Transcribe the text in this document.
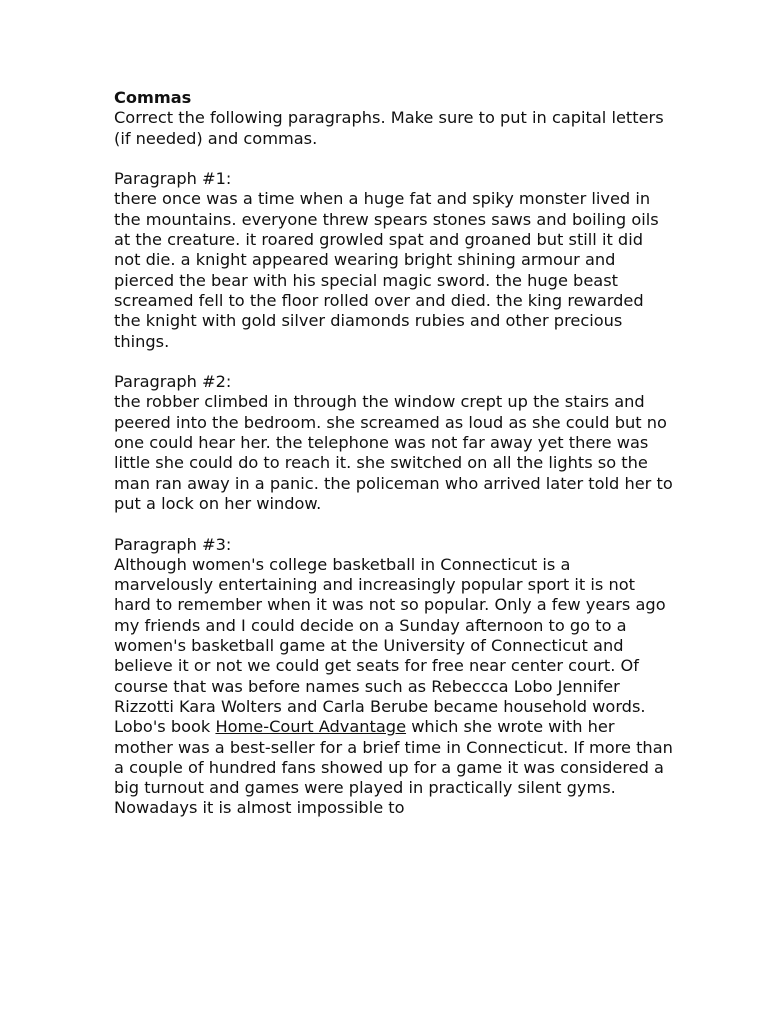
Commas

Correct the following paragraphs. Make sure to put in capital letters (if needed) and commas.

Paragraph #1:

there once was a time when a huge fat and spiky monster lived in the mountains. everyone threw spears stones saws and boiling oils at the creature. it roared growled spat and groaned but still it did not die. a knight appeared wearing bright shining armour and pierced the bear with his special magic sword. the huge beast screamed fell to the floor rolled over and died. the king rewarded the knight with gold silver diamonds rubies and other precious things.

Paragraph #2:

the robber climbed in through the window crept up the stairs and peered into the bedroom. she screamed as loud as she could but no one could hear her. the telephone was not far away yet there was little she could do to reach it. she switched on all the lights so the man ran away in a panic. the policeman who arrived later told her to put a lock on her window.

Paragraph #3:

Although women's college basketball in Connecticut is a marvelously entertaining and increasingly popular sport it is not hard to remember when it was not so popular. Only a few years ago my friends and I could decide on a Sunday afternoon to go to a women's basketball game at the University of Connecticut and believe it or not we could get seats for free near center court. Of course that was before names such as Rebeccca Lobo Jennifer Rizzotti Kara Wolters and Carla Berube became household words. Lobo's book Home-Court Advantage which she wrote with her mother was a best-seller for a brief time in Connecticut. If more than a couple of hundred fans showed up for a game it was considered a big turnout and games were played in practically silent gyms. Nowadays it is almost impossible to
